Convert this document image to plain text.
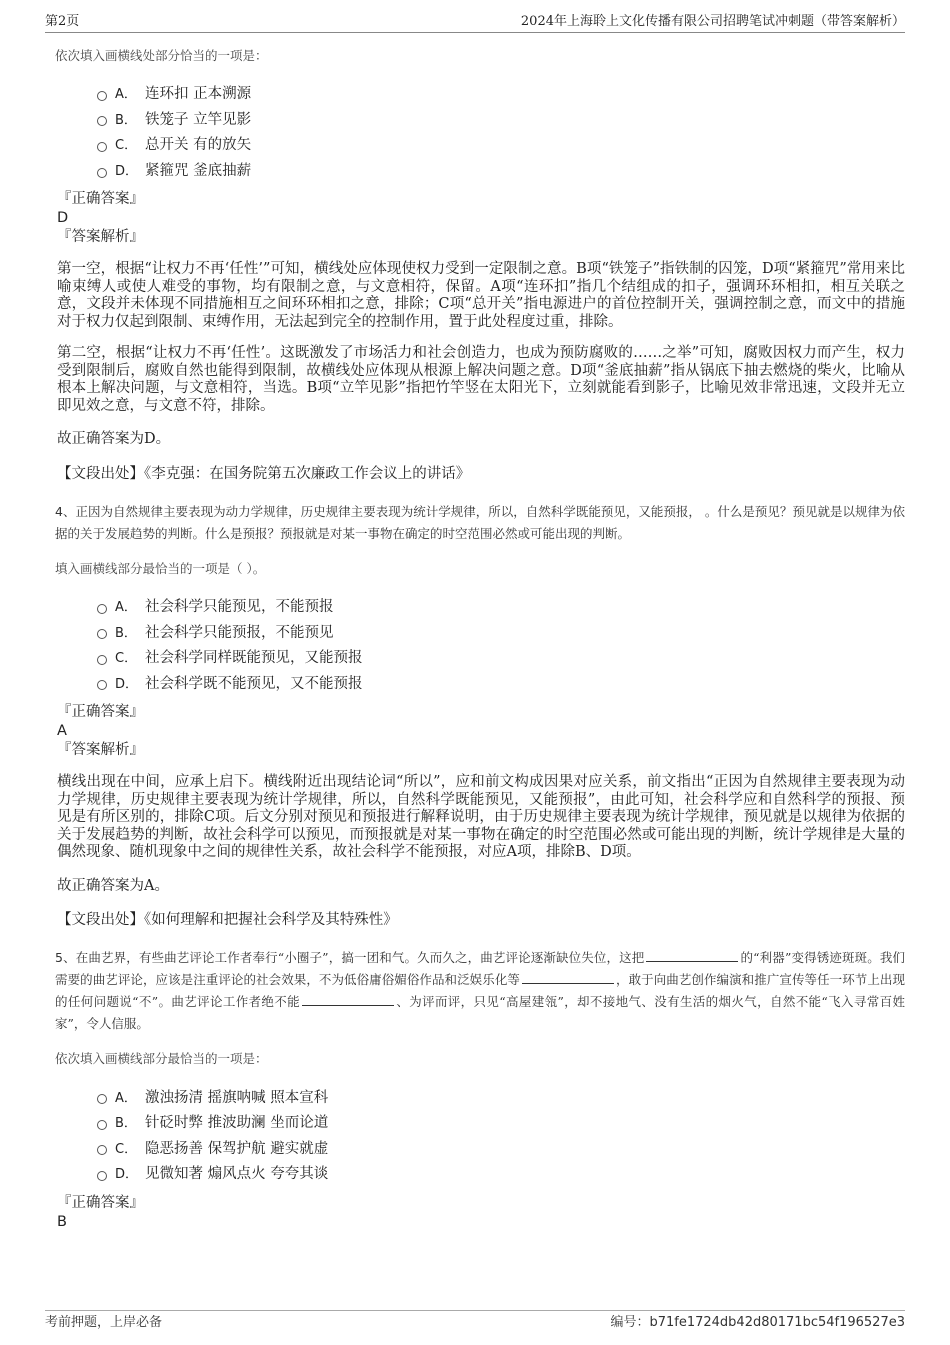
第2页	2024年上海聆上文化传播有限公司招聘笔试冲刺题（带答案解析）
依次填入画横线处部分恰当的一项是：
A． 连环扣 正本溯源
B． 铁笼子 立竿见影
C． 总开关 有的放矢
D． 紧箍咒 釜底抽薪
『正确答案』
D
『答案解析』
第一空，根据“让权力不再‘任性’”可知，横线处应体现使权力受到一定限制之意。B项“铁笼子”指铁制的囚笼，D项“紧箍咒”常用来比喻束缚人或使人难受的事物，均有限制之意，与文意相符，保留。A项“连环扣”指几个结组成的扣子，强调环环相扣，相互关联之意，文段并未体现不同措施相互之间环环相扣之意，排除；C项“总开关”指电源进户的首位控制开关，强调控制之意，而文中的措施对于权力仅起到限制、束缚作用，无法起到完全的控制作用，置于此处程度过重，排除。
第二空，根据“让权力不再‘任性’。这既激发了市场活力和社会创造力，也成为预防腐败的……之举”可知，腐败因权力而产生，权力受到限制后，腐败自然也能得到限制，故横线处应体现从根源上解决问题之意。D项“釜底抽薪”指从锅底下抽去燃烧的柴火，比喻从根本上解决问题，与文意相符，当选。B项“立竿见影”指把竹竿竖在太阳光下，立刻就能看到影子，比喻见效非常迅速，文段并无立即见效之意，与文意不符，排除。
故正确答案为D。
【文段出处】《李克强：在国务院第五次廉政工作会议上的讲话》
4、正因为自然规律主要表现为动力学规律，历史规律主要表现为统计学规律，所以，自然科学既能预见，又能预报， 。什么是预见？预见就是以规律为依据的关于发展趋势的判断。什么是预报？预报就是对某一事物在确定的时空范围必然或可能出现的判断。
填入画横线部分最恰当的一项是（ ）。
A． 社会科学只能预见，不能预报
B． 社会科学只能预报，不能预见
C． 社会科学同样既能预见，又能预报
D． 社会科学既不能预见，又不能预报
『正确答案』
A
『答案解析』
横线出现在中间，应承上启下。横线附近出现结论词“所以”，应和前文构成因果对应关系，前文指出“正因为自然规律主要表现为动力学规律，历史规律主要表现为统计学规律，所以，自然科学既能预见，又能预报”，由此可知，社会科学应和自然科学的预报、预见是有所区别的，排除C项。后文分别对预见和预报进行解释说明，由于历史规律主要表现为统计学规律，预见就是以规律为依据的关于发展趋势的判断，故社会科学可以预见，而预报就是对某一事物在确定的时空范围必然或可能出现的判断，统计学规律是大量的偶然现象、随机现象中之间的规律性关系，故社会科学不能预报，对应A项，排除B、D项。
故正确答案为A。
【文段出处】《如何理解和把握社会科学及其特殊性》
5、在曲艺界，有些曲艺评论工作者奉行“小圈子”，搞一团和气。久而久之，曲艺评论逐渐缺位失位，这把	的“利器”变得锈迹斑斑。我们需要的曲艺评论，应该是注重评论的社会效果，不为低俗庸俗媚俗作品和泛娱乐化等	，敢于向曲艺创作编演和推广宣传等任一环节上出现的任何问题说“不”。曲艺评论工作者绝不能	、为评而评，只见“高屋建瓴”，却不接地气、没有生活的烟火气，自然不能“飞入寻常百姓家”，令人信服。
依次填入画横线部分最恰当的一项是：
A． 激浊扬清 摇旗呐喊 照本宣科
B． 针砭时弊 推波助澜 坐而论道
C． 隐恶扬善 保驾护航 避实就虚
D． 见微知著 煽风点火 夸夸其谈
『正确答案』
B
考前押题，上岸必备	编号：b71fe1724db42d80171bc54f196527e3
